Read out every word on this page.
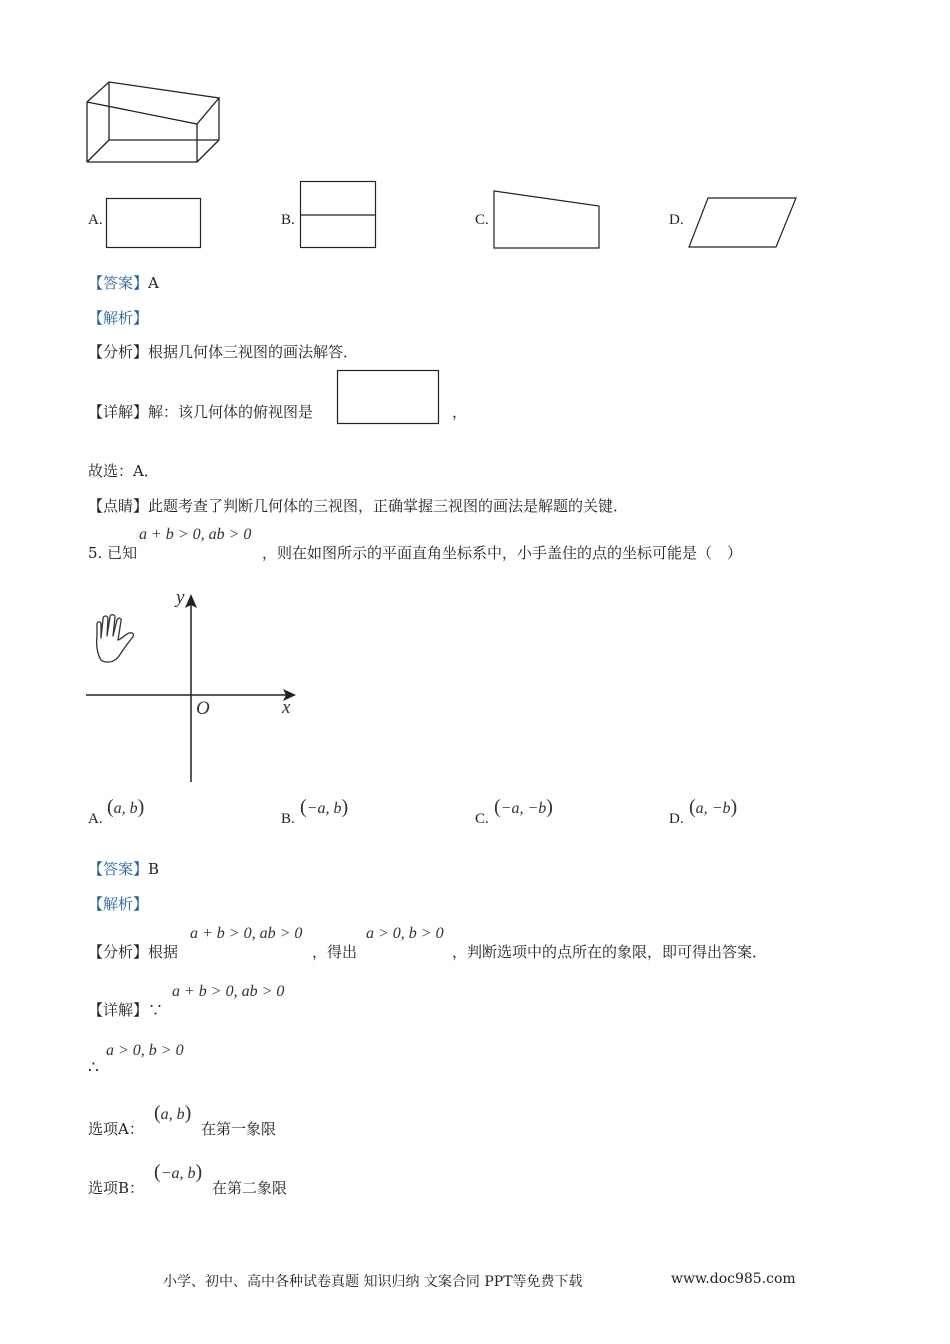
A.	B.	C.	D.
【答案】A
【解析】
【分析】根据几何体三视图的画法解答．
【详解】解：该几何体的俯视图是	，
故选：A．
【点睛】此题考查了判断几何体的三视图，正确掌握三视图的画法是解题的关键．
5. 已知
a + b > 0, ab > 0
，则在如图所示的平面直角坐标系中，小手盖住的点的坐标可能是（　）
y
x
O
A.
(a, b)
B.
(−a, b)
C.
(−a, −b)
D.
(a, −b)
【答案】B
【解析】
【分析】根据
a + b > 0, ab > 0
，得出
a > 0, b > 0
，判断选项中的点所在的象限，即可得出答案．
【详解】∵
a + b > 0, ab > 0
∴
a > 0, b > 0
选项A：
(a, b)
在第一象限
选项B：
(−a, b)
在第二象限
小学、初中、高中各种试卷真题 知识归纳 文案合同 PPT等免费下载	www.doc985.com
